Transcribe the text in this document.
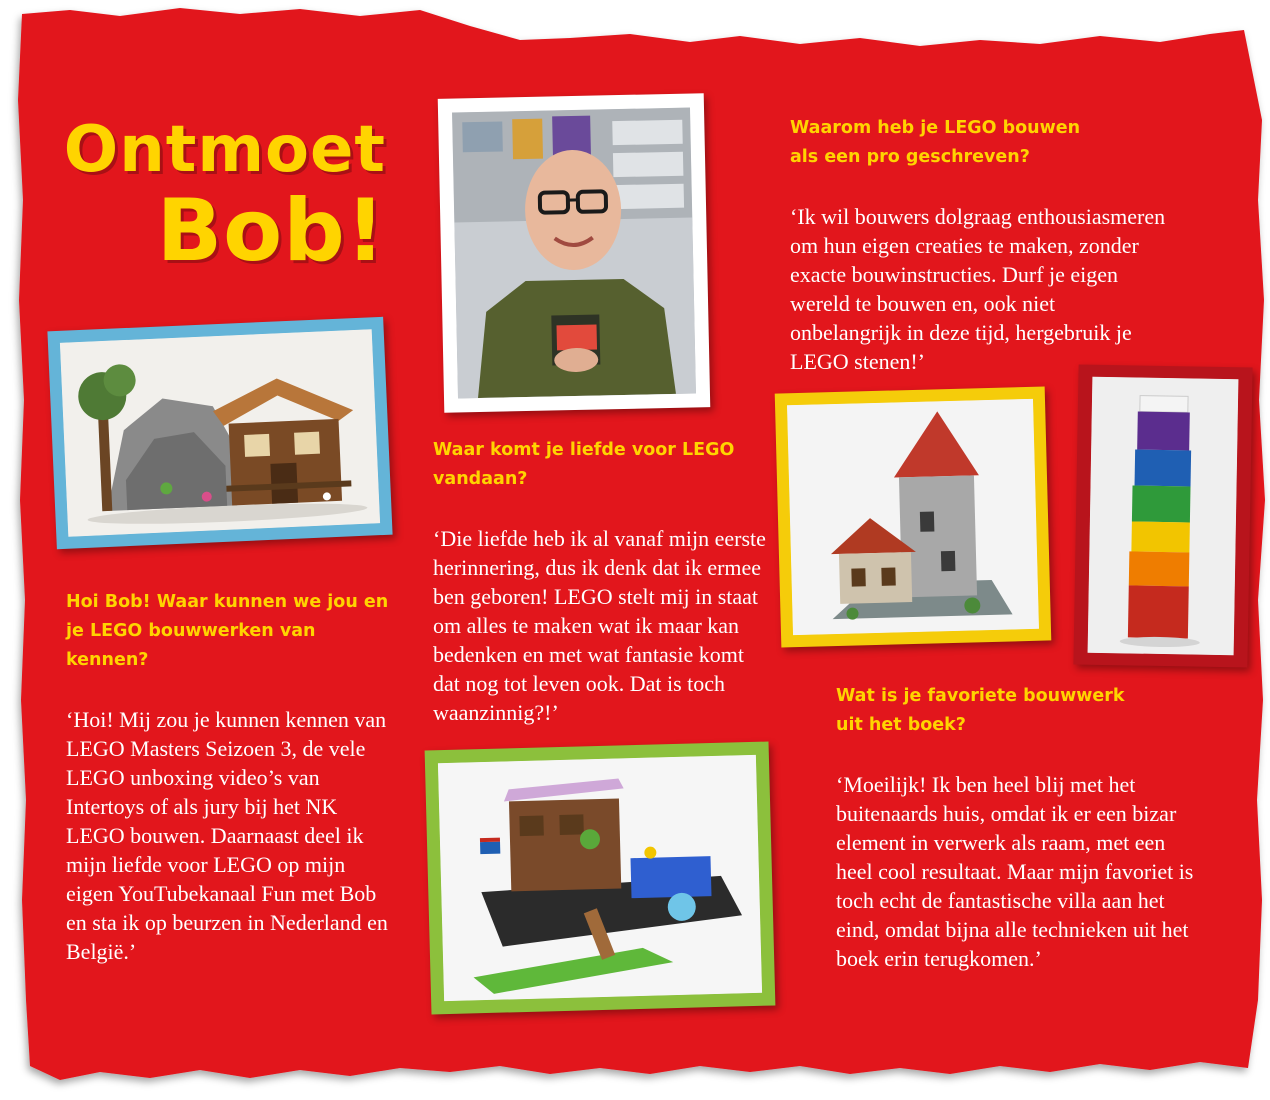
Ontmoet
Bob!

Hoi Bob! Waar kunnen we jou en je LEGO bouwwerken van kennen?

‘Hoi! Mij zou je kunnen kennen van LEGO Masters Seizoen 3, de vele LEGO unboxing video’s van Intertoys of als jury bij het NK LEGO bouwen. Daarnaast deel ik mijn liefde voor LEGO op mijn eigen YouTubekanaal Fun met Bob en sta ik op beurzen in Nederland en België.’

Waar komt je liefde voor LEGO vandaan?

‘Die liefde heb ik al vanaf mijn eerste herinnering, dus ik denk dat ik ermee ben geboren! LEGO stelt mij in staat om alles te maken wat ik maar kan bedenken en met wat fantasie komt dat nog tot leven ook. Dat is toch waanzinnig?!’

Waarom heb je LEGO bouwen als een pro geschreven?

‘Ik wil bouwers dolgraag enthousiasmeren om hun eigen creaties te maken, zonder exacte bouwinstructies. Durf je eigen wereld te bouwen en, ook niet onbelangrijk in deze tijd, hergebruik je LEGO stenen!’

Wat is je favoriete bouwwerk uit het boek?

‘Moeilijk! Ik ben heel blij met het buitenaards huis, omdat ik er een bizar element in verwerk als raam, met een heel cool resultaat. Maar mijn favoriet is toch echt de fantastische villa aan het eind, omdat bijna alle technieken uit het boek erin terugkomen.’
